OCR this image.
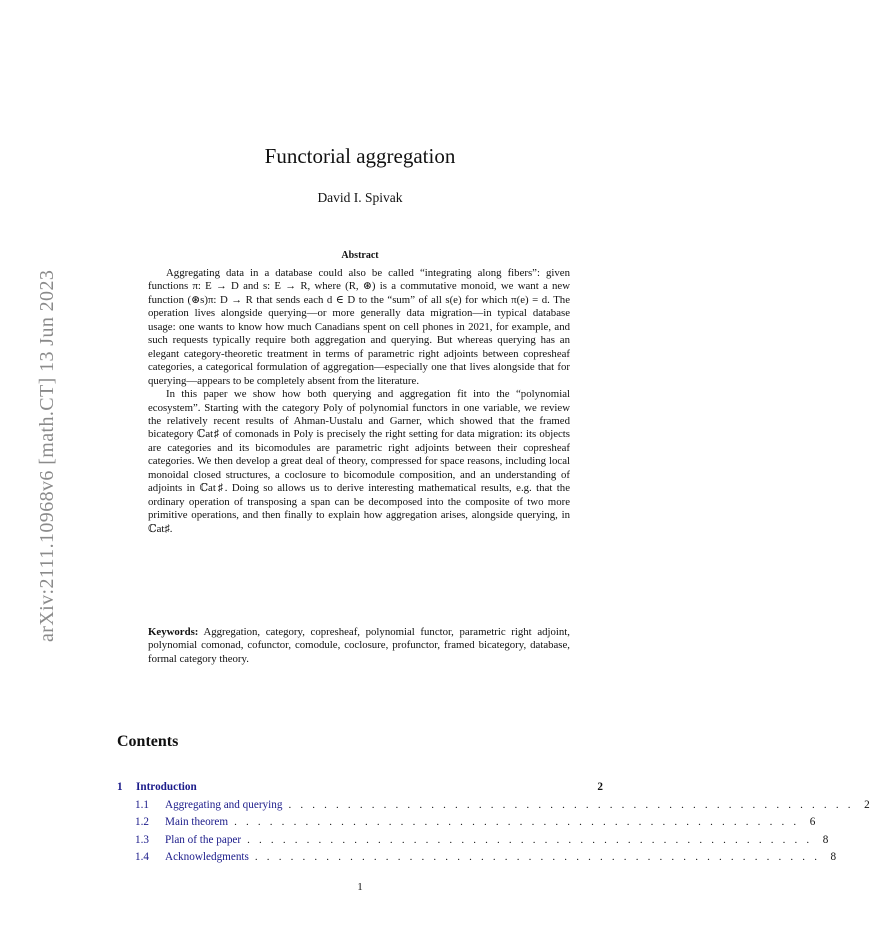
arXiv:2111.10968v6 [math.CT] 13 Jun 2023
Functorial aggregation
David I. Spivak
Abstract

Aggregating data in a database could also be called “integrating along fibers”: given functions π: E → D and s: E → R, where (R, ⊛) is a commutative monoid, we want a new function (⊛s)π: D → R that sends each d ∈ D to the “sum” of all s(e) for which π(e) = d. The operation lives alongside querying—or more generally data migration—in typical database usage: one wants to know how much Canadians spent on cell phones in 2021, for example, and such requests typically require both aggregation and querying. But whereas querying has an elegant category-theoretic treatment in terms of parametric right adjoints between copresheaf categories, a categorical formulation of aggregation—especially one that lives alongside that for querying—appears to be completely absent from the literature.

In this paper we show how both querying and aggregation fit into the “polynomial ecosystem”. Starting with the category Poly of polynomial functors in one variable, we review the relatively recent results of Ahman-Uustalu and Garner, which showed that the framed bicategory ℂat♯ of comonads in Poly is precisely the right setting for data migration: its objects are categories and its bicomodules are parametric right adjoints between their copresheaf categories. We then develop a great deal of theory, compressed for space reasons, including local monoidal closed structures, a coclosure to bicomodule composition, and an understanding of adjoints in ℂat♯. Doing so allows us to derive interesting mathematical results, e.g. that the ordinary operation of transposing a span can be decomposed into the composite of two more primitive operations, and then finally to explain how aggregation arises, alongside querying, in ℂat♯.

Keywords: Aggregation, category, copresheaf, polynomial functor, parametric right adjoint, polynomial comonad, cofunctor, comodule, coclosure, profunctor, framed bicategory, database, formal category theory.
Contents
1 Introduction	2
1.1 Aggregating and querying . . . . . . . . . . . . . . . . . . . . . . . . . . . . . . . . . . . . . . . . . . . . . . . . 2
1.2 Main theorem . . . . . . . . . . . . . . . . . . . . . . . . . . . . . . . . . . . . . . . . . . . . . . . . 6
1.3 Plan of the paper . . . . . . . . . . . . . . . . . . . . . . . . . . . . . . . . . . . . . . . . . . . . . . . . 8
1.4 Acknowledgments . . . . . . . . . . . . . . . . . . . . . . . . . . . . . . . . . . . . . . . . . . . . . . . . 8
1
